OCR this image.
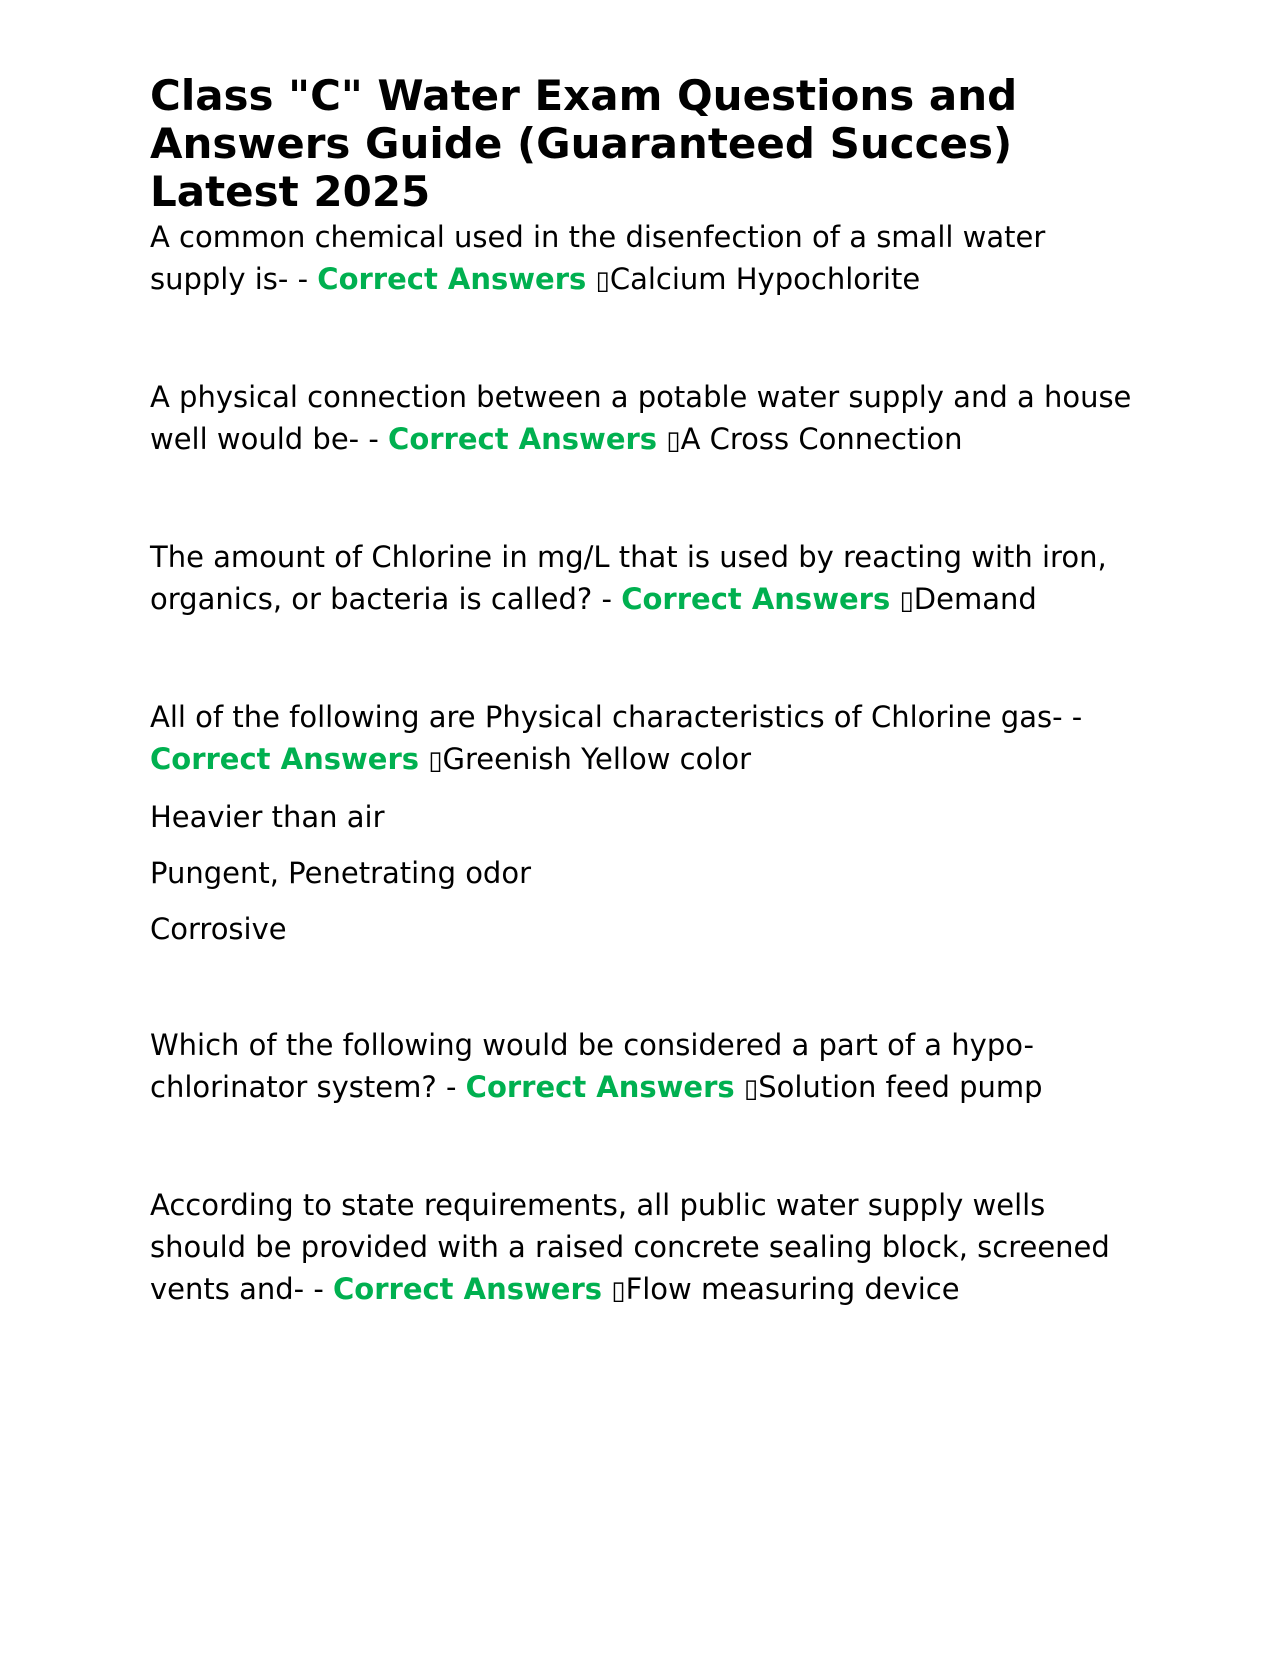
Class "C" Water Exam Questions and Answers Guide (Guaranteed Succes) Latest 2025

A common chemical used in the disenfection of a small water supply is- - Correct Answers ▯Calcium Hypochlorite

A physical connection between a potable water supply and a house well would be- - Correct Answers ▯A Cross Connection

The amount of Chlorine in mg/L that is used by reacting with iron, organics, or bacteria is called? - Correct Answers ▯Demand

All of the following are Physical characteristics of Chlorine gas- - Correct Answers ▯Greenish Yellow color

Heavier than air

Pungent, Penetrating odor

Corrosive

Which of the following would be considered a part of a hypo-chlorinator system? - Correct Answers ▯Solution feed pump

According to state requirements, all public water supply wells should be provided with a raised concrete sealing block, screened vents and- - Correct Answers ▯Flow measuring device
